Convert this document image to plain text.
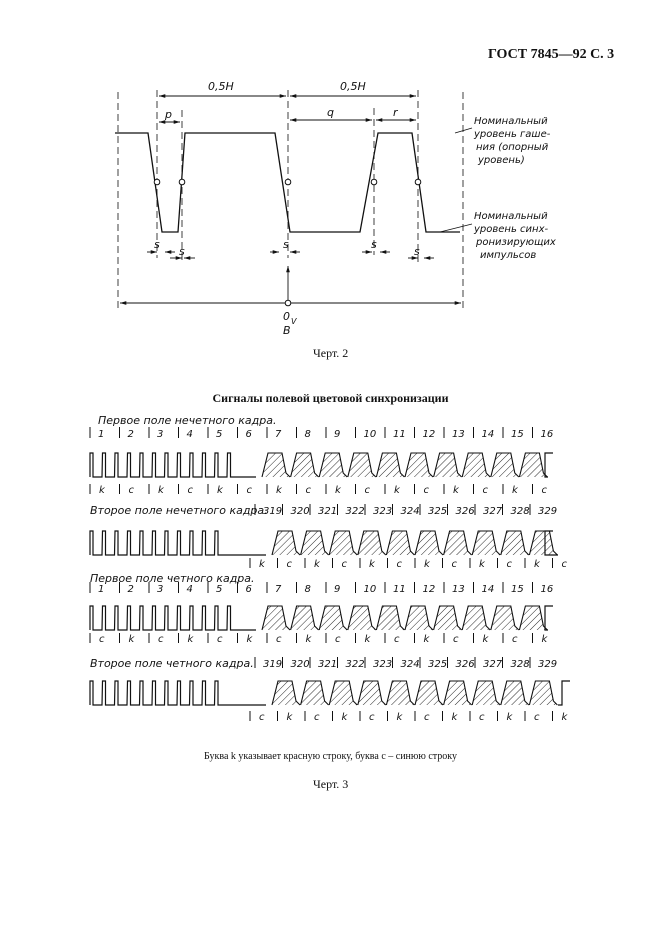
ГОСТ 7845—92 С. 3
0,5H	0,5H
p	q	r
s
s
s	s
s
0 V
B
Номинальный
уровень гаше-
ния (опорный
уровень)
Номинальный
уровень синх-
ронизирующих
импульсов
Черт. 2
Сигналы полевой цветовой синхронизации
Первое поле нечетного кадра.
1 2 3 4 5 6 7 8 9 10 11 12 13 14 15 16
k c k c k c k c k c k c k c k c
Второе поле нечетного кадра.
319 320 321 322 323 324 325 326 327 328 329
k c k c k c k c k c k c
Первое поле четного кадра.
1 2 3 4 5 6 7 8 9 10 11 12 13 14 15 16
c k c k c k c k c k c k c k c k
Второе поле четного кадра. 319 320 321 322 323 324 325 326 327 328 329
c k c k c k c k c k c k
Буква k указывает красную строку, буква c – синюю строку
Черт. 3
